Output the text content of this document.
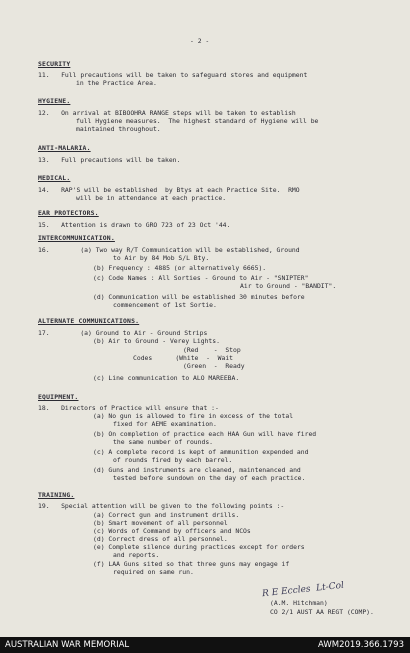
- 2 -
SECURITY
11.   Full precautions will be taken to safeguard stores and equipment
in the Practice Area.
HYGIENE.
12.   On arrival at BIBOOHRA RANGE steps will be taken to establish
full Hygiene measures.  The highest standard of Hygiene will be
maintained throughout.
ANTI-MALARIA.
13.   Full precautions will be taken.
MEDICAL.
14.   RAP'S will be established  by Btys at each Practice Site.  RMO
will be in attendance at each practice.
EAR PROTECTORS.
15.   Attention is drawn to GRO 723 of 23 Oct '44.
INTERCOMMUNICATION.
16.        (a) Two way R/T Communication will be established, Ground
to Air by 84 Mob S/L Bty.
(b) Frequency : 4885 (or alternatively 6665).
(c) Code Names : All Sorties - Ground to Air - "SNIPTER"
Air to Ground - "BANDIT".
(d) Communication will be established 30 minutes before
commencement of 1st Sortie.
ALTERNATE COMMUNICATIONS.
17.        (a) Ground to Air - Ground Strips
(b) Air to Ground - Verey Lights.
(Red    -  Stop
Codes      (White  -  Wait
(Green  -  Ready
(c) Line communication to ALO MAREEBA.
EQUIPMENT.
18.   Directors of Practice will ensure that :-
(a) No gun is allowed to fire in excess of the total
fixed for AEME examination.
(b) On completion of practice each HAA Gun will have fired
the same number of rounds.
(c) A complete record is kept of ammunition expended and
of rounds fired by each barrel.
(d) Guns and instruments are cleaned, maintenanced and
tested before sundown on the day of each practice.
TRAINING.
19.   Special attention will be given to the following points :-
(a) Correct gun and instrument drills.
(b) Smart movement of all personnel
(c) Words of Command by officers and NCOs
(d) Correct dress of all personnel.
(e) Complete silence during practices except for orders
and reports.
(f) LAA Guns sited so that three guns may engage if
required on same run.
(A.M. Hitchman)
CO 2/1 AUST AA REGT (COMP).
R E Eccles  Lt-Col
AUSTRALIAN WAR MEMORIAL	AWM2019.366.1793
